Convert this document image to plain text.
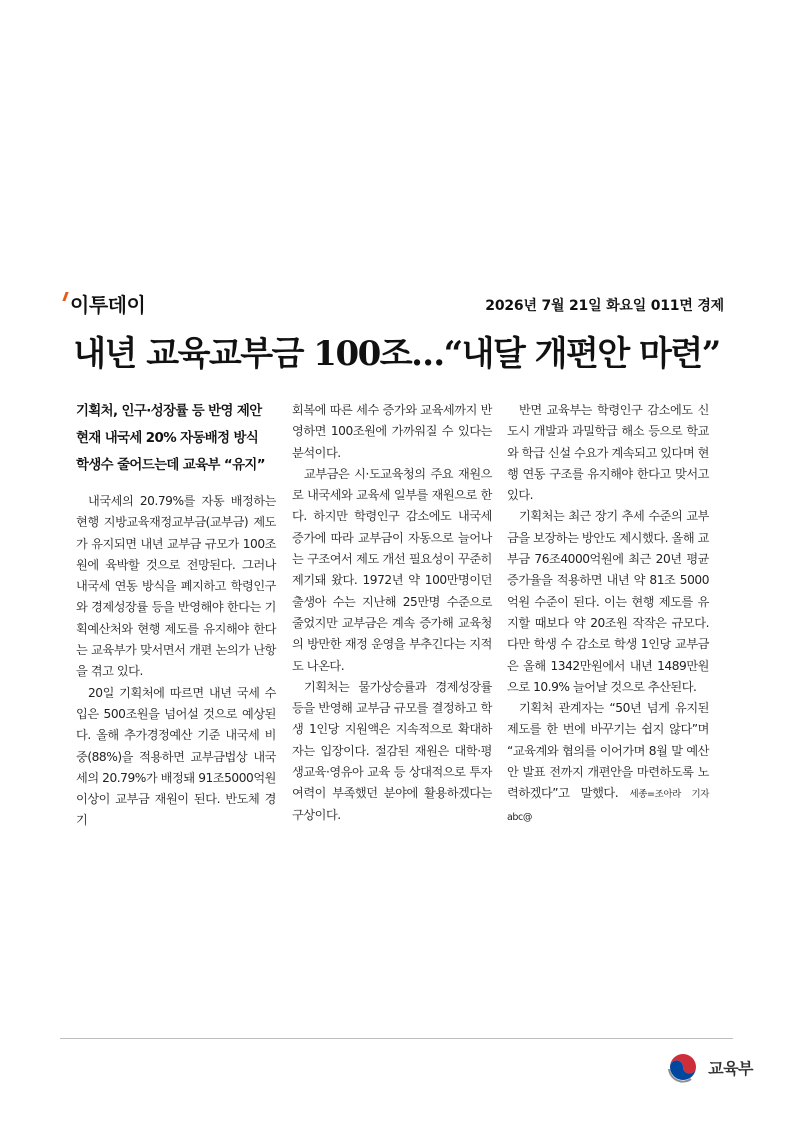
이투데이	2026년 7월 21일 화요일 011면 경제
내년 교육교부금 100조…“내달 개편안 마련”
기획처, 인구·성장률 등 반영 제안
현재 내국세 20% 자동배정 방식
학생수 줄어드는데 교육부 “유지”

내국세의 20.79%를 자동 배정하는 현행 지방교육재정교부금(교부금) 제도가 유지되면 내년 교부금 규모가 100조원에 육박할 것으로 전망된다. 그러나 내국세 연동 방식을 폐지하고 학령인구와 경제성장률 등을 반영해야 한다는 기획예산처와 현행 제도를 유지해야 한다는 교육부가 맞서면서 개편 논의가 난항을 겪고 있다.

20일 기획처에 따르면 내년 국세 수입은 500조원을 넘어설 것으로 예상된다. 올해 추가경정예산 기준 내국세 비중(88%)을 적용하면 교부금법상 내국세의 20.79%가 배정돼 91조5000억원 이상이 교부금 재원이 된다. 반도체 경기

회복에 따른 세수 증가와 교육세까지 반영하면 100조원에 가까워질 수 있다는 분석이다.

교부금은 시·도교육청의 주요 재원으로 내국세와 교육세 일부를 재원으로 한다. 하지만 학령인구 감소에도 내국세 증가에 따라 교부금이 자동으로 늘어나는 구조여서 제도 개선 필요성이 꾸준히 제기돼 왔다. 1972년 약 100만명이던 출생아 수는 지난해 25만명 수준으로 줄었지만 교부금은 계속 증가해 교육청의 방만한 재정 운영을 부추긴다는 지적도 나온다.

기획처는 물가상승률과 경제성장률 등을 반영해 교부금 규모를 결정하고 학생 1인당 지원액은 지속적으로 확대하자는 입장이다. 절감된 재원은 대학·평생교육·영유아 교육 등 상대적으로 투자 여력이 부족했던 분야에 활용하겠다는 구상이다.

반면 교육부는 학령인구 감소에도 신도시 개발과 과밀학급 해소 등으로 학교와 학급 신설 수요가 계속되고 있다며 현행 연동 구조를 유지해야 한다고 맞서고 있다.

기획처는 최근 장기 추세 수준의 교부금을 보장하는 방안도 제시했다. 올해 교부금 76조4000억원에 최근 20년 평균 증가율을 적용하면 내년 약 81조 5000억원 수준이 된다. 이는 현행 제도를 유지할 때보다 약 20조원 작작은 규모다. 다만 학생 수 감소로 학생 1인당 교부금은 올해 1342만원에서 내년 1489만원으로 10.9% 늘어날 것으로 추산된다.

기획처 관계자는 “50년 넘게 유지된 제도를 한 번에 바꾸기는 쉽지 않다”며 “교육계와 협의를 이어가며 8월 말 예산안 발표 전까지 개편안을 마련하도록 노력하겠다”고 말했다. 세종=조아라 기자 abc@

교육부
